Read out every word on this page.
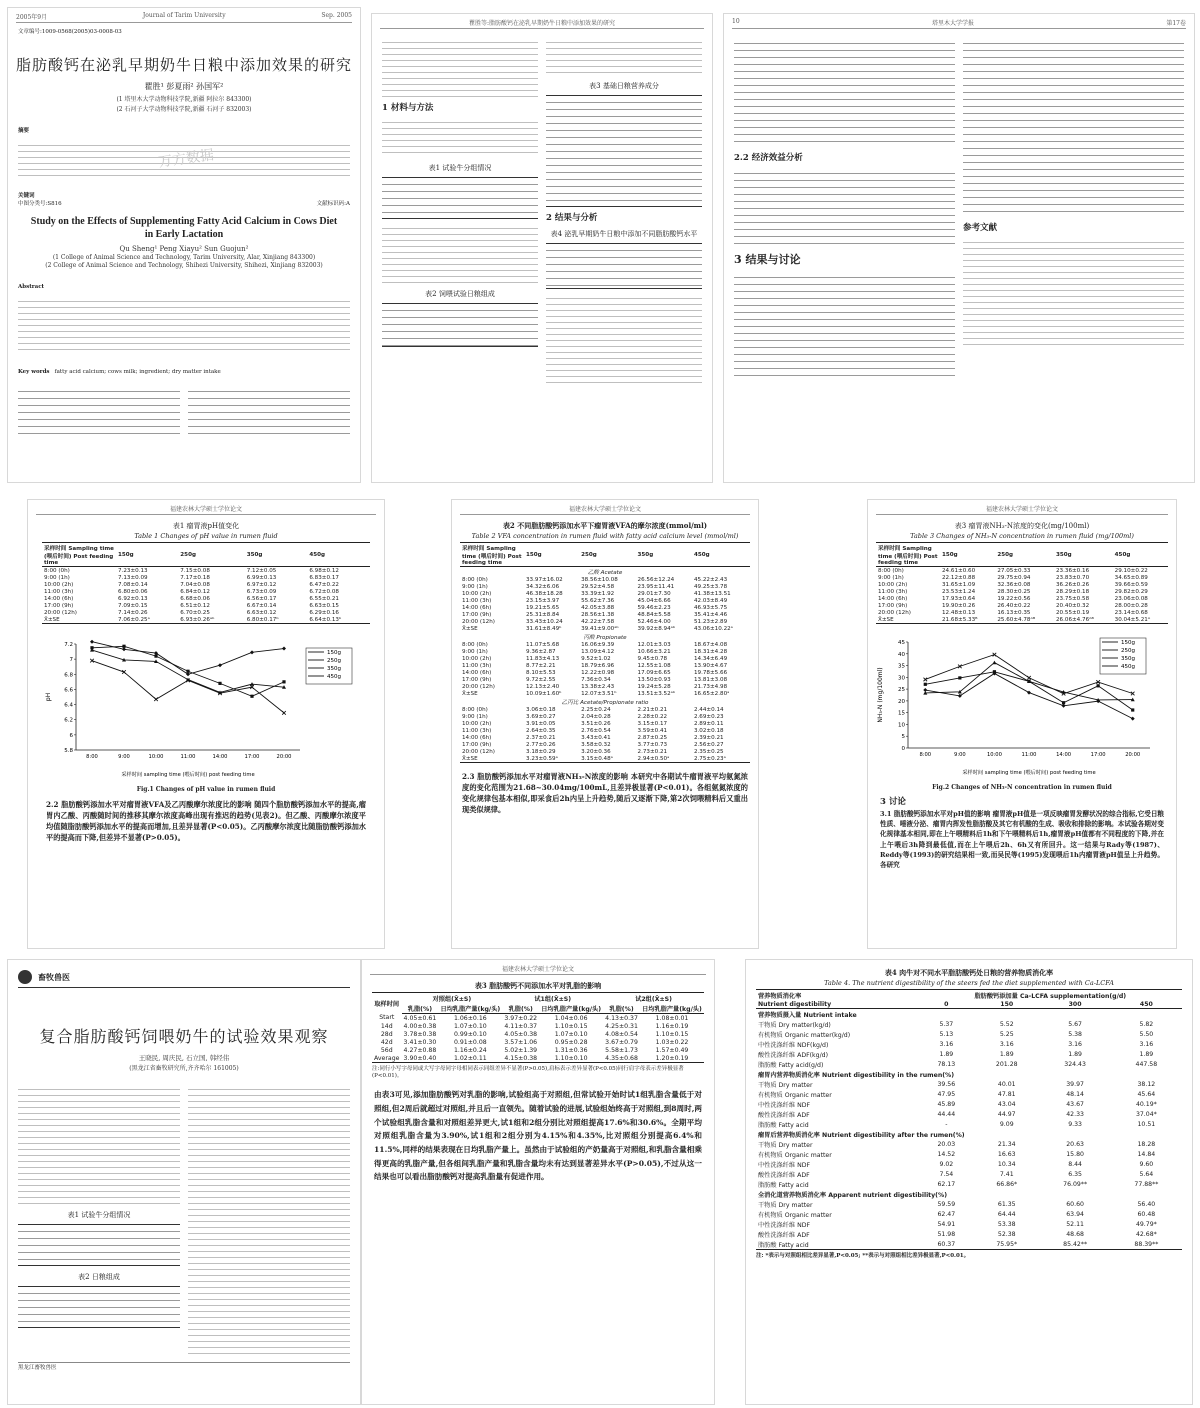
2005年9月	Journal of Tarim University	Sep. 2005
文章编号:1009-0568(2005)03-0008-03
脂肪酸钙在泌乳早期奶牛日粮中添加效果的研究
瞿胜¹ 彭夏雨² 孙国军²
(1 塔里木大学动物科技学院,新疆 阿拉尔 843300)
(2 石河子大学动物科技学院,新疆 石河子 832003)
万方数据
摘要
关键词
中图分类号:S816	文献标识码:A
Study on the Effects of Supplementing Fatty Acid Calcium in Cows Diet in Early Lactation
Qu Sheng¹ Peng Xiayu² Sun Guojun²
(1 College of Animal Science and Technology, Tarim University, Alar, Xinjiang 843300)
(2 College of Animal Science and Technology, Shihezi University, Shihezi, Xinjiang 832003)
Abstract
Key words fatty acid calcium; cows milk; ingredient; dry matter intake
瞿胜等:脂肪酸钙在泌乳早期奶牛日粮中添加效果的研究
1 材料与方法
表1 试验牛分组情况
表2 饲喂试验日粮组成
表3 基础日粮营养成分
2 结果与分析
表4 泌乳早期奶牛日粮中添加不同脂肪酸钙水平
10	塔里木大学学报	第17卷
2.2 经济效益分析
3 结果与讨论
参考文献
福建农林大学硕士学位论文
表1 瘤胃液pH值变化
Table 1 Changes of pH value in rumen fluid
采样时间 Sampling time (喂后时间) Post feeding time	150g	250g	350g	450g
8:00 (0h)	7.23±0.13	7.15±0.08	7.12±0.05	6.98±0.12
9:00 (1h)	7.13±0.09	7.17±0.18	6.99±0.13	6.83±0.17
10:00 (2h)	7.08±0.14	7.04±0.08	6.97±0.12	6.47±0.22
11:00 (3h)	6.80±0.06	6.84±0.12	6.73±0.09	6.72±0.08
14:00 (6h)	6.92±0.13	6.68±0.06	6.56±0.17	6.55±0.21
17:00 (9h)	7.09±0.15	6.51±0.12	6.67±0.14	6.63±0.15
20:00 (12h)	7.14±0.26	6.70±0.25	6.63±0.12	6.29±0.16
X̄±SE	7.06±0.25ᵃ	6.93±0.26ᵃᵇ	6.80±0.17ᵇ	6.64±0.13ᵇ
5.8
6
6.2
6.4
6.6
6.8
7
7.2
pH
8:00	9:00	10:00	11:00	14:00	17:00	20:00
采样时间 sampling time (喂后时间) post feeding time
150g
250g
350g
450g
Fig.1 Changes of pH value in rumen fluid
2.2 脂肪酸钙添加水平对瘤胃液VFA及乙丙酸摩尔浓度比的影响 随四个脂肪酸钙添加水平的提高,瘤胃内乙酸、丙酸随时间的推移其摩尔浓度高峰出现有推迟的趋势(见表2)。但乙酸、丙酸摩尔浓度平均值随脂肪酸钙添加水平的提高而增加,且差异显著(P<0.05)。乙丙酸摩尔浓度比随脂肪酸钙添加水平的提高而下降,但差异不显著(P>0.05)。
福建农林大学硕士学位论文
表2 不同脂肪酸钙添加水平下瘤胃液VFA的摩尔浓度(mmol/ml)
Table 2 VFA concentration in rumen fluid with fatty acid calcium level (mmol/ml)
采样时间 Sampling time (喂后时间) Post feeding time	150g	250g	350g	450g
乙酸 Acetate				
8:00 (0h)	33.97±16.02	38.56±10.08	26.56±12.24	45.22±2.43
9:00 (1h)	34.32±6.06	29.52±4.58	23.95±11.41	49.25±3.78
10:00 (2h)	46.38±18.28	33.39±1.92	29.01±7.30	41.38±13.51
11:00 (3h)	23.15±3.97	55.62±7.36	45.04±6.66	42.03±8.49
14:00 (6h)	19.21±5.65	42.05±3.88	59.46±2.23	46.93±5.75
17:00 (9h)	25.31±8.84	28.56±1.38	48.84±5.58	35.41±4.46
20:00 (12h)	33.43±10.24	42.22±7.58	52.46±4.00	51.23±2.89
X̄±SE	31.61±8.49ᵇ	39.41±9.00ᵃᵇ	39.92±8.94ᵃᵇ	43.06±10.22ᵃ
丙酸 Propionate				
8:00 (0h)	11.07±5.68	16.06±9.39	12.01±3.03	18.67±4.08
9:00 (1h)	9.36±2.87	13.09±4.12	10.66±3.21	18.31±4.28
10:00 (2h)	11.83±4.13	9.52±1.02	9.45±0.78	14.34±6.49
11:00 (3h)	8.77±2.21	18.79±6.96	12.55±1.08	13.90±4.67
14:00 (6h)	8.10±5.53	12.22±0.98	17.09±6.65	19.78±5.66
17:00 (9h)	9.72±2.55	7.36±0.34	13.50±0.93	13.81±3.08
20:00 (12h)	12.13±2.40	13.38±2.43	19.24±5.28	21.73±4.98
X̄±SE	10.09±1.60ᵇ	12.07±3.51ᵇ	13.51±3.52ᵃᵇ	16.65±2.80ᵃ
乙丙比 Acetate/Propionate ratio				
8:00 (0h)	3.06±0.18	2.25±0.24	2.21±0.21	2.44±0.14
9:00 (1h)	3.69±0.27	2.04±0.28	2.28±0.22	2.69±0.23
10:00 (2h)	3.91±0.05	3.51±0.26	3.15±0.17	2.89±0.11
11:00 (3h)	2.64±0.35	2.76±0.54	3.59±0.41	3.02±0.18
14:00 (6h)	2.37±0.21	3.43±0.41	2.87±0.25	2.39±0.21
17:00 (9h)	2.77±0.26	3.58±0.32	3.77±0.73	2.56±0.27
20:00 (12h)	3.18±0.29	3.20±0.36	2.73±0.21	2.35±0.25
X̄±SE	3.23±0.59ᵃ	3.15±0.48ᵃ	2.94±0.50ᵃ	2.75±0.23ᵃ
2.3 脂肪酸钙添加水平对瘤胃液NH₃-N浓度的影响 本研究中各期试牛瘤胃液平均氨氮浓度的变化范围为21.68~30.04mg/100mL,且差异极显著(P<0.01)。各组氨氮浓度的变化规律包基本相似,即采食后2h内呈上升趋势,随后又逐渐下降,第2次饲喂精料后又重出现类似规律。
福建农林大学硕士学位论文
表3 瘤胃液NH₃-N浓度的变化(mg/100ml)
Table 3 Changes of NH₃-N concentration in rumen fluid (mg/100ml)
采样时间 Sampling time (喂后时间) Post feeding time	150g	250g	350g	450g
8:00 (0h)	24.61±0.60	27.05±0.33	23.36±0.16	29.10±0.22
9:00 (1h)	22.12±0.88	29.75±0.94	23.83±0.70	34.65±0.89
10:00 (2h)	31.65±1.09	32.36±0.08	36.26±0.26	39.66±0.59
11:00 (3h)	23.53±1.24	28.30±0.25	28.29±0.18	29.82±0.29
14:00 (6h)	17.93±0.64	19.22±0.56	23.75±0.58	23.06±0.08
17:00 (9h)	19.90±0.26	26.40±0.22	20.40±0.32	28.00±0.28
20:00 (12h)	12.48±0.13	16.13±0.35	20.55±0.19	23.14±0.68
X̄±SE	21.68±5.33ᴮ	25.60±4.78ᴬᴮ	26.06±4.76ᴬᴮ	30.04±5.21ᴬ
0
5
10
15
20
25
30
35
40
45
NH₃-N (mg/100ml)
8:00	9:00	10:00	11:00	14:00	17:00	20:00
采样时间 sampling time (喂后时间) post feeding time
150g
250g
350g
450g
Fig.2 Changes of NH₃-N concentration in rumen fluid
3 讨论
3.1 脂肪酸钙添加水平对pH值的影响 瘤胃液pH值是一项反映瘤胃发酵状况的综合指标,它受日粮性质、唾液分泌、瘤胃内挥发性脂肪酸及其它有机酸的生成、吸收和排除的影响。本试验各期对变化规律基本相同,即在上午喂精料后1h和下午喂精料后1h,瘤胃液pH值都有不同程度的下降,并在上午喂后3h降到最低值,而在上午喂后2h、6h又有所回升。这一结果与Rady等(1987)、Reddy等(1993)的研究结果相一致,而吴民等(1995)发现喂后1h内瘤胃液pH值呈上升趋势。各研究
畜牧兽医
复合脂肪酸钙饲喂奶牛的试验效果观察
王晓民, 周庆民, 石立国, 韩经伟
(黑龙江省畜牧研究所,齐齐哈尔 161005)
表1 试验牛分组情况
表2 日粮组成
黑龙江畜牧兽医
福建农林大学硕士学位论文
表3 脂肪酸钙不同添加水平对乳脂的影响
取样时间	对照组(X̄±S)		试1组(X̄±S)		试2组(X̄±S)	
	乳脂(%)	日均乳脂产量(kg/头)	乳脂(%)	日均乳脂产量(kg/头)	乳脂(%)	日均乳脂产量(kg/头)
Start	4.05±0.61	1.06±0.16	3.97±0.22	1.04±0.06	4.13±0.37	1.08±0.01
14d	4.00±0.38	1.07±0.10	4.11±0.37	1.10±0.15	4.25±0.31	1.16±0.19
28d	3.78±0.38	0.99±0.10	4.05±0.38	1.07±0.10	4.08±0.54	1.10±0.15
42d	3.41±0.30	0.91±0.08	3.57±1.06	0.95±0.28	3.67±0.79	1.03±0.22
56d	4.27±0.88	1.16±0.24	5.02±1.39	1.31±0.36	5.58±1.73	1.57±0.49
Average	3.90±0.40	1.02±0.11	4.15±0.38	1.10±0.10	4.35±0.68	1.20±0.19
注:同行小写字母同或大写字母同字母相同表示同组差异不显著(P>0.05),肩标表示差异显著(P<0.05)同行肩字母表示差异极显著(P<0.01)。
由表3可见,添加脂肪酸钙对乳脂的影响,试验组高于对照组,但常试验开始时试1组乳脂含量低于对照组,但2周后就超过对照组,并且后一直领先。随着试验的进展,试验组始终高于对照组,到8周时,两个试验组乳脂含量和对照组差异更大,试1组和2组分别比对照组提高17.6%和30.6%。全期平均对照组乳脂含量为3.90%,试1组和2组分别为4.15%和4.35%,比对照组分别提高6.4%和11.5%,同样的结果表现在日均乳脂产量上。虽然由于试验组的产奶量高于对照组,和乳脂含量相乘得更高的乳脂产量,但各组间乳脂产量和乳脂含量均未有达到显著差异水平(P>0.05),不过从这一结果也可以看出脂肪酸钙对提高乳脂量有促进作用。
表4 肉牛对不同水平脂肪酸钙处日粮的营养物质消化率
Table 4. The nutrient digestibility of the steers fed the diet supplemented with Ca-LCFA
营养物质消化率	脂肪酸钙添加量 Ca-LCFA supplementation(g/d)			
Nutrient digestibility	0	150	300	450
营养物质摄入量 Nutrient intake				
干物质 Dry matter(kg/d)	5.37	5.52	5.67	5.82
有机物质 Organic matter(kg/d)	5.13	5.25	5.38	5.50
中性洗涤纤维 NDF(kg/d)	3.16	3.16	3.16	3.16
酸性洗涤纤维 ADF(kg/d)	1.89	1.89	1.89	1.89
脂肪酸 Fatty acid(g/d)	78.13	201.28	324.43	447.58
瘤胃内营养物质消化率 Nutrient digestibility in the rumen(%)				
干物质 Dry matter	39.56	40.01	39.97	38.12
有机物质 Organic matter	47.95	47.81	48.14	45.64
中性洗涤纤维 NDF	45.89	43.04	43.67	40.19*
酸性洗涤纤维 ADF	44.44	44.97	42.33	37.04*
脂肪酸 Fatty acid	-	9.09	9.33	10.51
瘤胃后营养物质消化率 Nutrient digestibility after the rumen(%)				
干物质 Dry matter	20.03	21.34	20.63	18.28
有机物质 Organic matter	14.52	16.63	15.80	14.84
中性洗涤纤维 NDF	9.02	10.34	8.44	9.60
酸性洗涤纤维 ADF	7.54	7.41	6.35	5.64
脂肪酸 Fatty acid	62.17	66.86*	76.09**	77.88**
全消化道营养物质消化率 Apparent nutrient digestibility(%)				
干物质 Dry matter	59.59	61.35	60.60	56.40
有机物质 Organic matter	62.47	64.44	63.94	60.48
中性洗涤纤维 NDF	54.91	53.38	52.11	49.79*
酸性洗涤纤维 ADF	51.98	52.38	48.68	42.68*
脂肪酸 Fatty acid	60.37	75.95*	85.42**	88.39**
注: *表示与对照组相比差异显著,P<0.05; **表示与对照组相比差异极显著,P<0.01。
